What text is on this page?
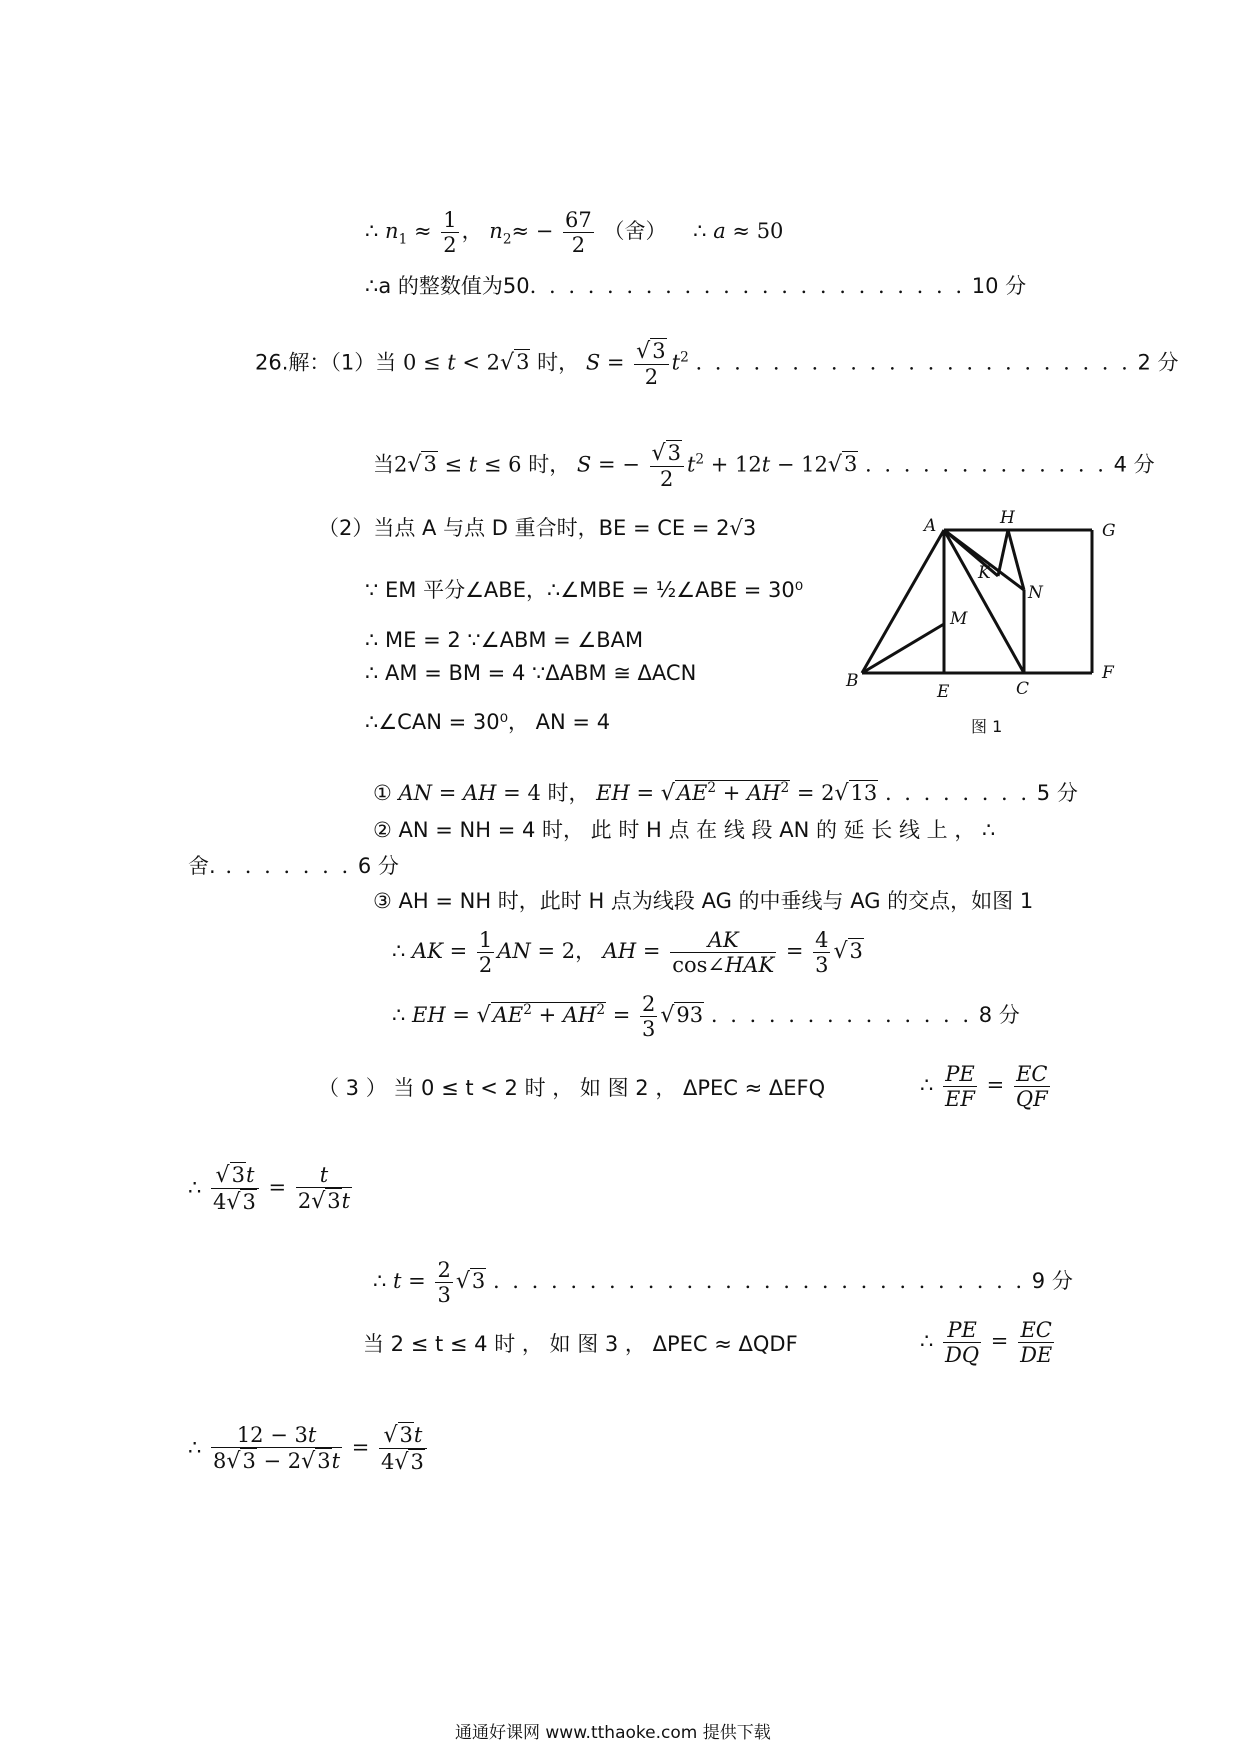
∴ $n_1 \approx \frac{1}{2}$ ， $n_2\approx - \frac{67}{2}$ （舍）    ∴ a ≈ 50
∴a 的整数值为50. . . . . . . . . . . . . . . . . . . . . . . 10 分
26.解：（1）当 0 ≤ t < 2√3 时， $S = \frac{√3}{2} t^2$ . . . . . . . . . . . . . . . . . . . . . . . 2 分
当2√3 ≤ t ≤ 6 时， S = − $\frac{√3}{2} t^2 + 12t - 12√3$ . . . . . . . . . . . . . 4 分
（2）当点 A 与点 D 重合时，BE = CE = 2√3
∵ EM 平分∠ABE，∴∠MBE = ½∠ABE = 30⁰
∴ ME = 2 ∵∠ABM = ∠BAM
∴ AM = BM = 4 ∵ΔABM ≅ ΔACN
∴∠CAN = 30⁰， AN = 4
A	H
G
K
N
M
B
E	C
F
图 1
① AN = AH = 4 时， EH = $√AE^2 + AH^2 = 2√13$ . . . . . . . . 5 分
② AN = NH = 4 时， 此 时 H 点 在 线 段 AN 的 延 长 线 上 ， ∴
舍. . . . . . . . 6 分
③ AH = NH 时，此时 H 点为线段 AG 的中垂线与 AG 的交点，如图 1
∴ AK = $\frac{1}{2}$ AN = 2， AH = $\frac{AK}{\text{cos∠HAK}} = \frac{4}{3} √3$
∴ EH = $√AE^2 + AH^2 = \frac{2}{3} √93$ . . . . . . . . . . . . . . 8 分
（ 3 ） 当 0 ≤ t < 2 时 ， 如 图 2 ， ΔPEC ≈ ΔEFQ	∴ $\frac{PE}{EF} = \frac{EC}{QF}$
∴ $\frac{√3t}{4√3} = \frac{t}{2√3t}$
∴ $t = \frac{2}{3} √3$ . . . . . . . . . . . . . . . . . . . . . . . . . . . . 9 分
当 2 ≤ t ≤ 4 时 ， 如 图 3 ， ΔPEC ≈ ΔQDF	∴ $\frac{PE}{DQ} = \frac{EC}{DE}$
∴ $\frac{12 - 3t}{8√3 - 2√3t} = \frac{√3t}{4√3}$
通通好课网 www.tthaoke.com 提供下载
